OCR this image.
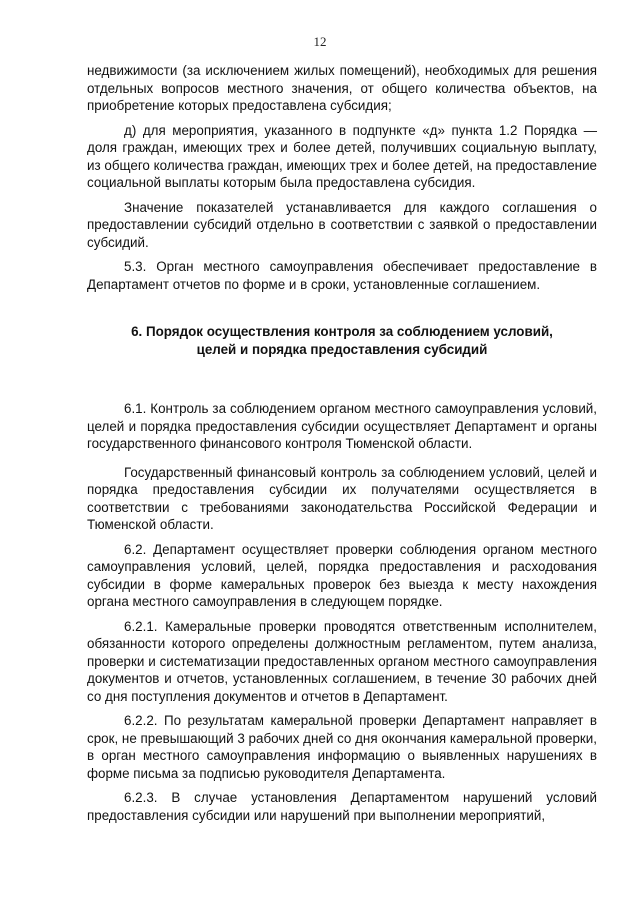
12

недвижимости (за исключением жилых помещений), необходимых для решения отдельных вопросов местного значения, от общего количества объектов, на приобретение которых предоставлена субсидия;

д) для мероприятия, указанного в подпункте «д» пункта 1.2 Порядка — доля граждан, имеющих трех и более детей, получивших социальную выплату, из общего количества граждан, имеющих трех и более детей, на предоставление социальной выплаты которым была предоставлена субсидия.

Значение показателей устанавливается для каждого соглашения о предоставлении субсидий отдельно в соответствии с заявкой о предоставлении субсидий.

5.3. Орган местного самоуправления обеспечивает предоставление в Департамент отчетов по форме и в сроки, установленные соглашением.

6. Порядок осуществления контроля за соблюдением условий,

целей и порядка предоставления субсидий

6.1. Контроль за соблюдением органом местного самоуправления условий, целей и порядка предоставления субсидии осуществляет Департамент и органы государственного финансового контроля Тюменской области.

Государственный финансовый контроль за соблюдением условий, целей и порядка предоставления субсидии их получателями осуществляется в соответствии с требованиями законодательства Российской Федерации и Тюменской области.

6.2. Департамент осуществляет проверки соблюдения органом местного самоуправления условий, целей, порядка предоставления и расходования субсидии в форме камеральных проверок без выезда к месту нахождения органа местного самоуправления в следующем порядке.

6.2.1. Камеральные проверки проводятся ответственным исполнителем, обязанности которого определены должностным регламентом, путем анализа, проверки и систематизации предоставленных органом местного самоуправления документов и отчетов, установленных соглашением, в течение 30 рабочих дней со дня поступления документов и отчетов в Департамент.

6.2.2. По результатам камеральной проверки Департамент направляет в срок, не превышающий 3 рабочих дней со дня окончания камеральной проверки, в орган местного самоуправления информацию о выявленных нарушениях в форме письма за подписью руководителя Департамента.

6.2.3. В случае установления Департаментом нарушений условий предоставления субсидии или нарушений при выполнении мероприятий,
